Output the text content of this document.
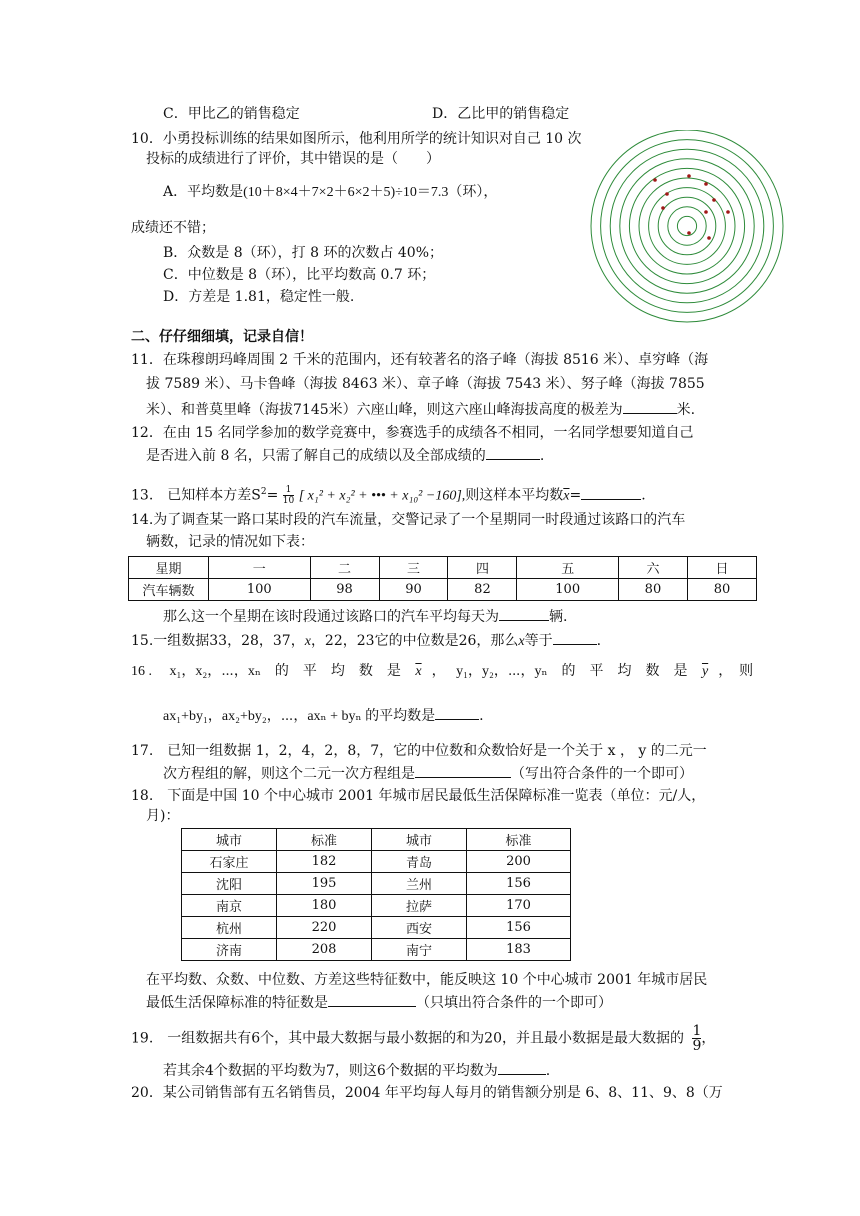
C．甲比乙的销售稳定	D．乙比甲的销售稳定
10．小勇投标训练的结果如图所示，他利用所学的统计知识对自己 10 次
投标的成绩进行了评价，其中错误的是（　　）
A．平均数是(10＋8×4＋7×2＋6×2＋5)÷10＝7.3（环），
成绩还不错；
B．众数是 8（环），打 8 环的次数占 40%；
C．中位数是 8（环），比平均数高 0.7 环；
D．方差是 1.81，稳定性一般.
二、仔仔细细填，记录自信！
11．在珠穆朗玛峰周围 2 千米的范围内，还有较著名的洛子峰（海拔 8516 米）、卓穷峰（海
拔 7589 米）、马卡鲁峰（海拔 8463 米）、章子峰（海拔 7543 米）、努子峰（海拔 7855
米）、和普莫里峰（海拔7145米）六座山峰，则这六座山峰海拔高度的极差为	米.
12．在由 15 名同学参加的数学竞赛中，参赛选手的成绩各不相同，一名同学想要知道自己
是否进入前 8 名，只需了解自己的成绩以及全部成绩的	.
13.　已知样本方差$S^2= \frac{1}{10}$ [ x₁² + x₂² + ••• + x₁₀² −160],则这样本平均数$\overline{x}=$	.
14.为了调查某一路口某时段的汽车流量，交警记录了一个星期同一时段通过该路口的汽车
辆数，记录的情况如下表：
星期	一	二	三	四	五	六	日
汽车辆数	100	98	90	82	100	80	80
那么这一个星期在该时段通过该路口的汽车平均每天为	辆.
15.一组数据33，28，37，x，22，23它的中位数是26，那么x等于	.
16 .　 x₁，x₂，⋯，xₙ　的　平　均　数　是 $\overline{x}$ ，　 y₁，y₂，⋯，yₙ　的　平　均　数　是 $\overline{y}$ ，　则
ax₁+by₁，ax₂+by₂，⋯，axₙ + byₙ 的平均数是	.
17.　已知一组数据 1，2，4，2，8，7，它的中位数和众数恰好是一个关于 x ， y 的二元一
次方程组的解，则这个二元一次方程组是	（写出符合条件的一个即可）
18.　下面是中国 10 个中心城市 2001 年城市居民最低生活保障标准一览表（单位：元/人，
月)：
城市	标准	城市	标准
石家庄	182	青岛	200
沈阳	195	兰州	156
南京	180	拉萨	170
杭州	220	西安	156
济南	208	南宁	183
在平均数、众数、中位数、方差这些特征数中，能反映这 10 个中心城市 2001 年城市居民
最低生活保障标准的特征数是	（只填出符合条件的一个即可）
19.　一组数据共有6个，其中最大数据与最小数据的和为20，并且最小数据是最大数据的 $\frac{1}{9}$ ，
若其余4个数据的平均数为7，则这6个数据的平均数为	.
20．某公司销售部有五名销售员，2004 年平均每人每月的销售额分别是 6、8、11、9、8（万
